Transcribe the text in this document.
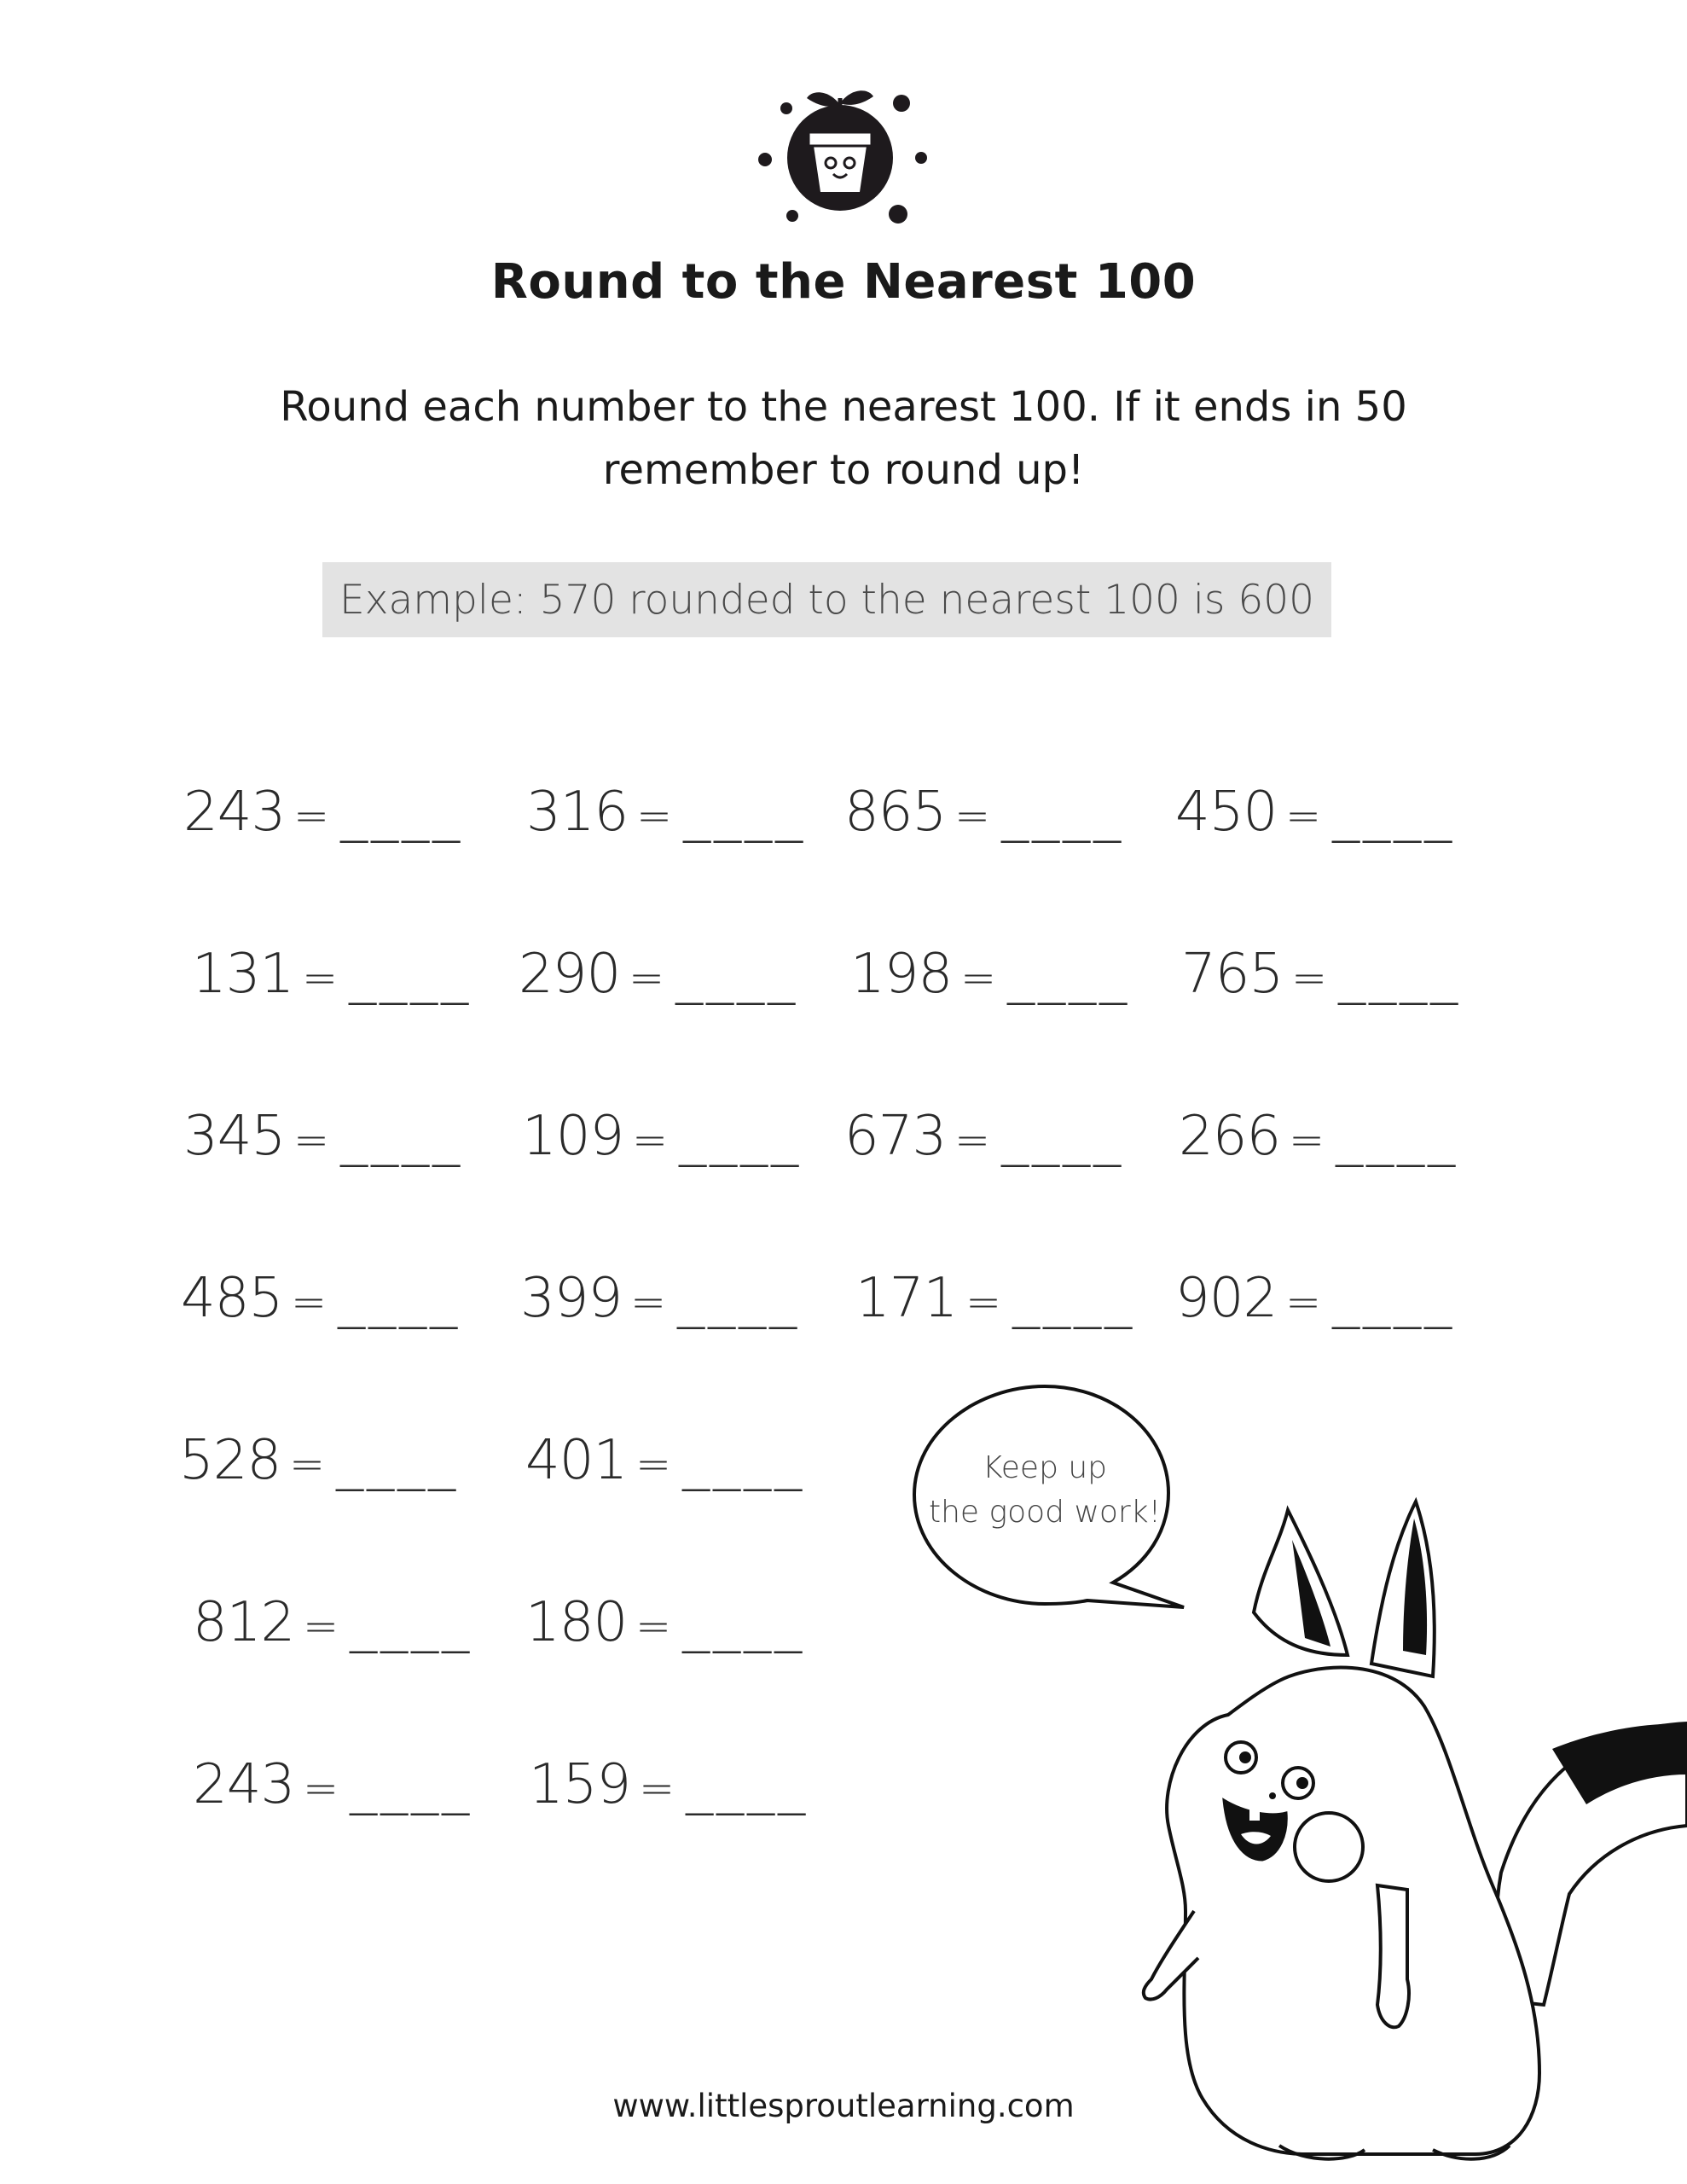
Round to the Nearest 100
Round each number to the nearest 100. If it ends in 50
remember to round up!
Example: 570 rounded to the nearest 100 is 600
243 = ____ 316 = ____ 865 = ____ 450 = ____
131 = ____ 290 = ____ 198 = ____ 765 = ____
345 = ____ 109 = ____ 673 = ____ 266 = ____
485 = ____ 399 = ____ 171 = ____ 902 = ____
528 = ____ 401 = ____
812 = ____ 180 = ____
243 = ____ 159 = ____
Keep up
the good work!
www.littlesproutlearning.com
